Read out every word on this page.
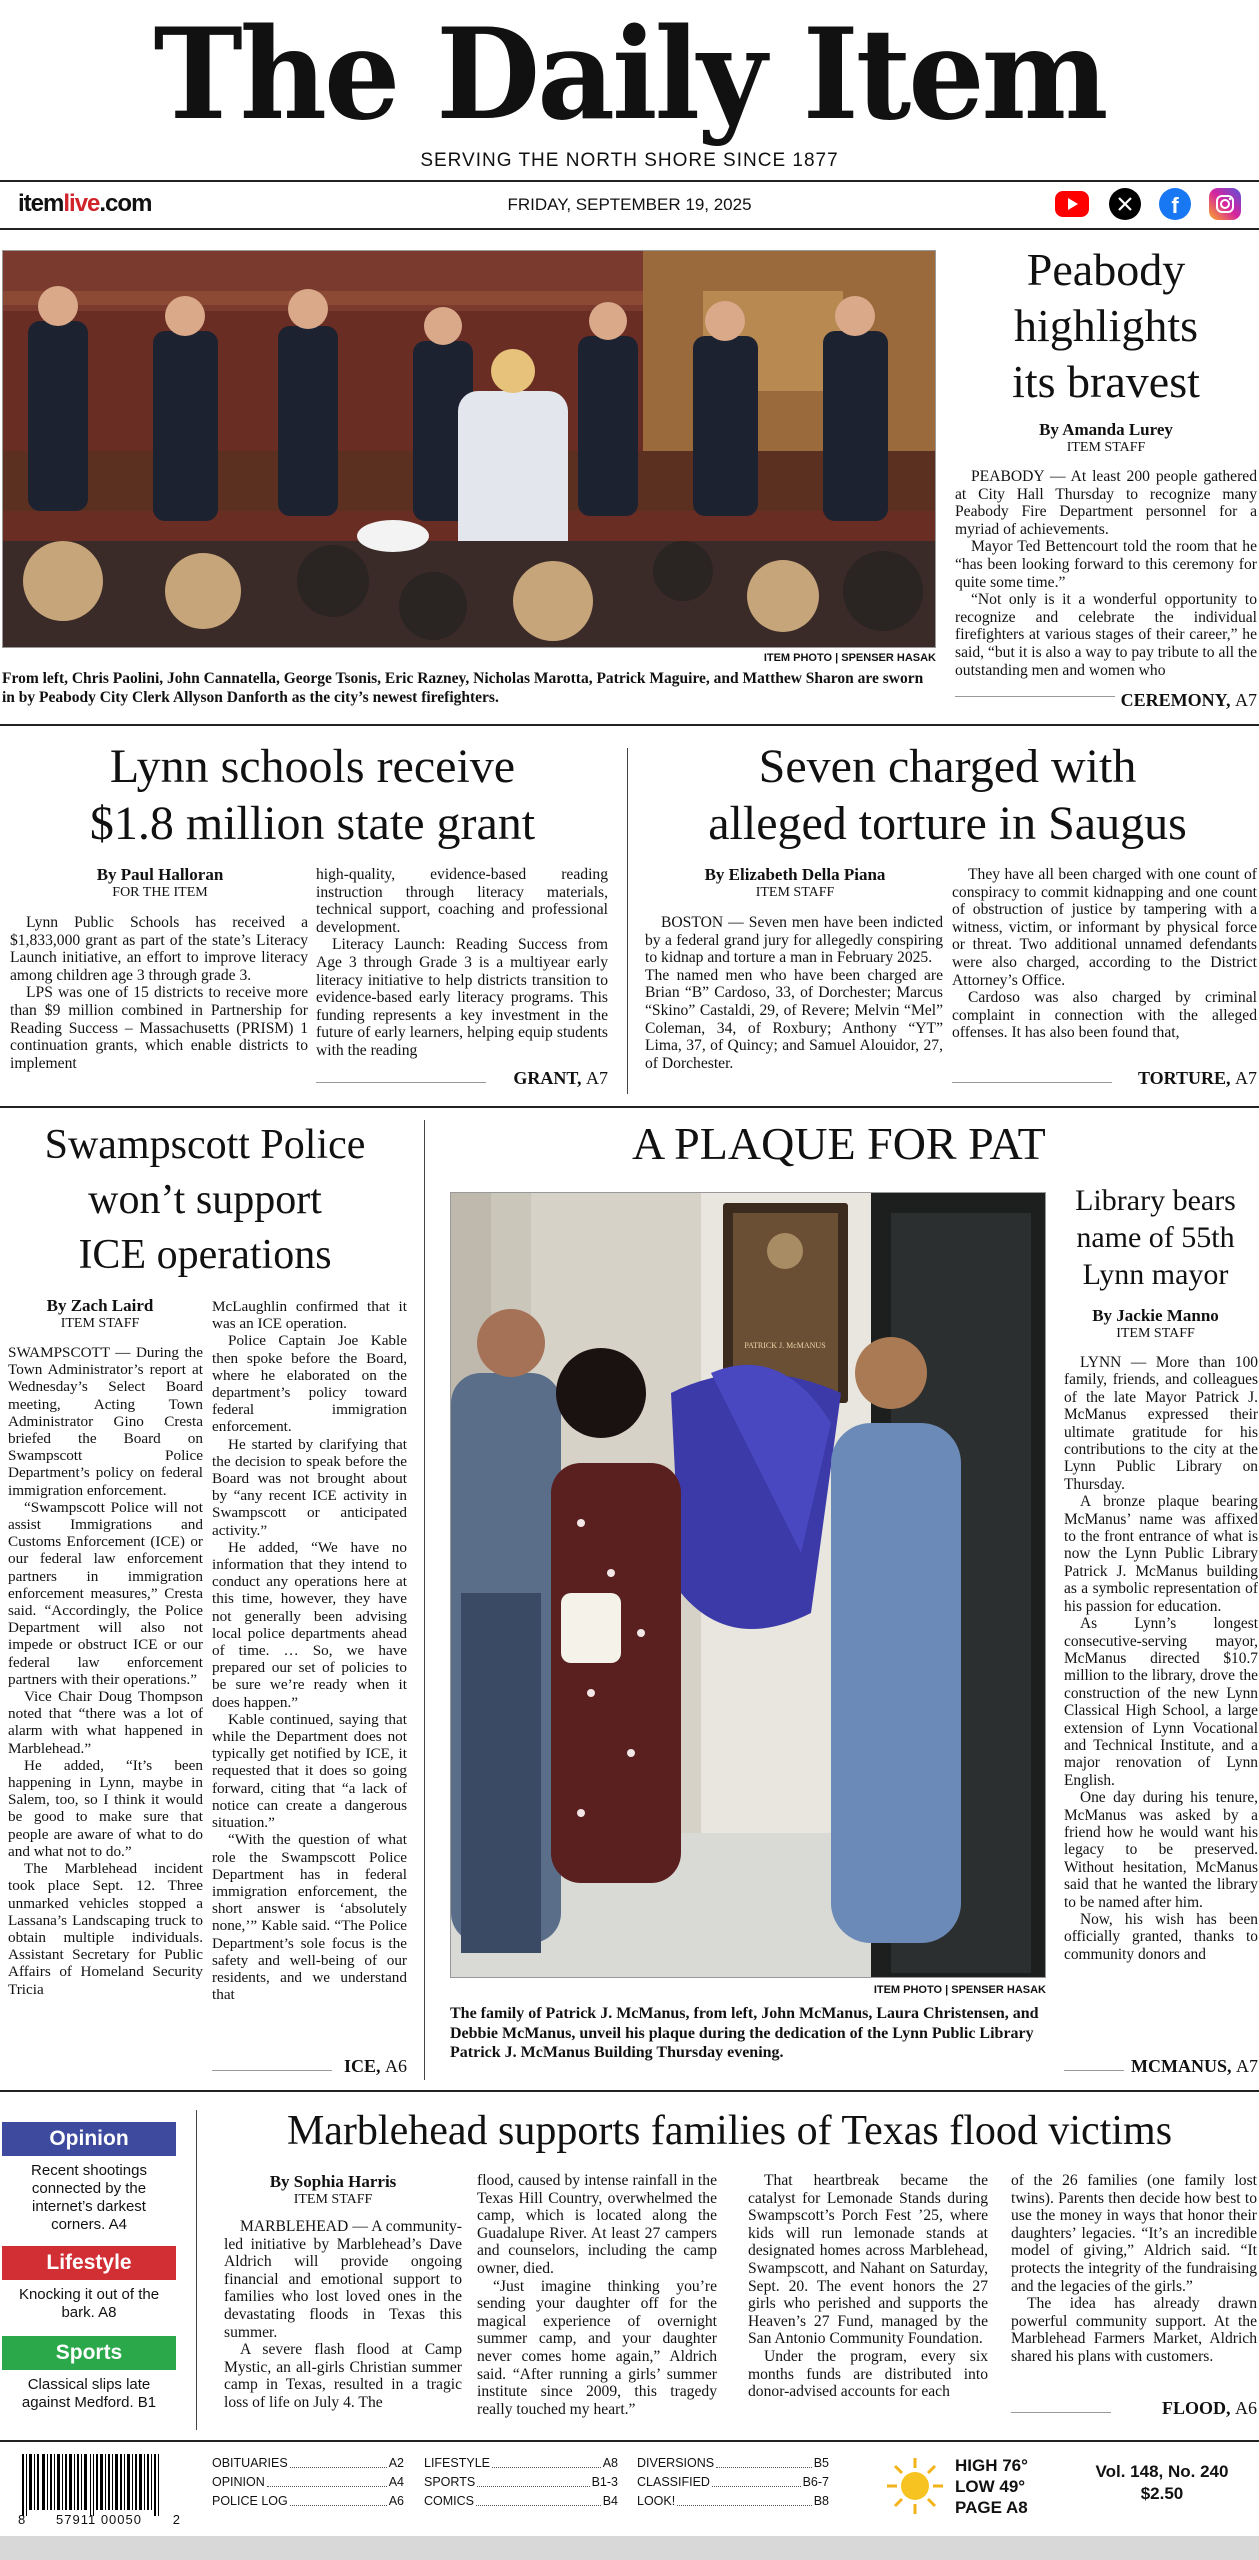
The Daily Item
SERVING THE NORTH SHORE SINCE 1877
itemlive.com	FRIDAY, SEPTEMBER 19, 2025	f
ITEM PHOTO | SPENSER HASAK
From left, Chris Paolini, John Cannatella, George Tsonis, Eric Razney, Nicholas Marotta, Patrick Maguire, and Matthew Sharon are sworn in by Peabody City Clerk Allyson Danforth as the city’s newest firefighters.
Peabody
highlights
its bravest
By Amanda Lurey
ITEM STAFF

PEABODY — At least 200 people gathered at City Hall Thursday to recognize many Peabody Fire Department personnel for a myriad of achievements.

Mayor Ted Bettencourt told the room that he “has been looking forward to this ceremony for quite some time.”

“Not only is it a wonderful opportunity to recognize and celebrate the individual firefighters at various stages of their career,” he said, “but it is also a way to pay tribute to all the outstanding men and women who

CEREMONY, A7
Lynn schools receive
$1.8 million state grant
By Paul Halloran
FOR THE ITEM

Lynn Public Schools has received a $1,833,000 grant as part of the state’s Literacy Launch initiative, an effort to improve literacy among children age 3 through grade 3.

LPS was one of 15 districts to receive more than $9 million combined in Partnership for Reading Success – Massachusetts (PRISM) 1 continuation grants, which enable districts to implement

high-quality, evidence-based reading instruction through literacy materials, technical support, coaching and professional development.

Literacy Launch: Reading Success from Age 3 through Grade 3 is a multiyear early literacy initiative to help districts transition to evidence-based early literacy programs. This funding represents a key investment in the future of early learners, helping equip students with the reading

GRANT, A7
Seven charged with
alleged torture in Saugus
By Elizabeth Della Piana
ITEM STAFF

BOSTON — Seven men have been indicted by a federal grand jury for allegedly conspiring to kidnap and torture a man in February 2025.

The named men who have been charged are Brian “B” Cardoso, 33, of Dorchester; Marcus “Skino” Castaldi, 29, of Revere; Melvin “Mel” Coleman, 34, of Roxbury; Anthony “YT” Lima, 37, of Quincy; and Samuel Alouidor, 27, of Dorchester.

They have all been charged with one count of conspiracy to commit kidnapping and one count of obstruction of justice by tampering with a witness, victim, or informant by physical force or threat. Two additional unnamed defendants were also charged, according to the District Attorney’s Office.

Cardoso was also charged by criminal complaint in connection with the alleged offenses. It has also been found that,

TORTURE, A7
Swampscott Police
won’t support
ICE operations
By Zach Laird
ITEM STAFF

SWAMPSCOTT — During the Town Administrator’s report at Wednesday’s Select Board meeting, Acting Town Administrator Gino Cresta briefed the Board on Swampscott Police Department’s policy on federal immigration enforcement.

“Swampscott Police will not assist Immigrations and Customs Enforcement (ICE) or our federal law enforcement partners in immigration enforcement measures,” Cresta said. “Accordingly, the Police Department will also not impede or obstruct ICE or our federal law enforcement partners with their operations.”

Vice Chair Doug Thompson noted that “there was a lot of alarm with what happened in Marblehead.”

He added, “It’s been happening in Lynn, maybe in Salem, too, so I think it would be good to make sure that people are aware of what to do and what not to do.”

The Marblehead incident took place Sept. 12. Three unmarked vehicles stopped a Lassana’s Landscaping truck to obtain multiple individuals. Assistant Secretary for Public Affairs of Homeland Security Tricia

McLaughlin confirmed that it was an ICE operation.

Police Captain Joe Kable then spoke before the Board, where he elaborated on the department’s policy toward federal immigration enforcement.

He started by clarifying that the decision to speak before the Board was not brought about by “any recent ICE activity in Swampscott or anticipated activity.”

He added, “We have no information that they intend to conduct any operations here at this time, however, they have not generally been advising local police departments ahead of time. … So, we have prepared our set of policies to be sure we’re ready when it does happen.”

Kable continued, saying that while the Department does not typically get notified by ICE, it requested that it does so going forward, citing that “a lack of notice can create a dangerous situation.”

“With the question of what role the Swampscott Police Department has in federal immigration enforcement, the short answer is ‘absolutely none,’” Kable said. “The Police Department’s sole focus is the safety and well-being of our residents, and we understand that

ICE, A6
A PLAQUE FOR PAT
PATRICK J. McMANUS
ITEM PHOTO | SPENSER HASAK
The family of Patrick J. McManus, from left, John McManus, Laura Christensen, and Debbie McManus, unveil his plaque during the dedication of the Lynn Public Library Patrick J. McManus Building Thursday evening.
Library bears
name of 55th
Lynn mayor
By Jackie Manno
ITEM STAFF

LYNN — More than 100 family, friends, and colleagues of the late Mayor Patrick J. McManus expressed their ultimate gratitude for his contributions to the city at the Lynn Public Library on Thursday.

A bronze plaque bearing McManus’ name was affixed to the front entrance of what is now the Lynn Public Library Patrick J. McManus building as a symbolic representation of his passion for education.

As Lynn’s longest consecutive-serving mayor, McManus directed $10.7 million to the library, drove the construction of the new Lynn Classical High School, a large extension of Lynn Vocational and Technical Institute, and a major renovation of Lynn English.

One day during his tenure, McManus was asked by a friend how he would want his legacy to be preserved. Without hesitation, McManus said that he wanted the library to be named after him.

Now, his wish has been officially granted, thanks to community donors and

MCMANUS, A7
Opinion
Recent shootings connected by the internet’s darkest corners. A4
Lifestyle
Knocking it out of the bark. A8
Sports
Classical slips late against Medford. B1
Marblehead supports families of Texas flood victims
By Sophia Harris
ITEM STAFF

MARBLEHEAD — A community-led initiative by Marblehead’s Dave Aldrich will provide ongoing financial and emotional support to families who lost loved ones in the devastating floods in Texas this summer.

A severe flash flood at Camp Mystic, an all-girls Christian summer camp in Texas, resulted in a tragic loss of life on July 4. The

flood, caused by intense rainfall in the Texas Hill Country, overwhelmed the camp, which is located along the Guadalupe River. At least 27 campers and counselors, including the camp owner, died.

“Just imagine thinking you’re sending your daughter off for the magical experience of overnight summer camp, and your daughter never comes home again,” Aldrich said. “After running a girls’ summer institute since 2009, this tragedy really touched my heart.”

That heartbreak became the catalyst for Lemonade Stands during Swampscott’s Porch Fest ’25, where kids will run lemonade stands at designated homes across Marblehead, Swampscott, and Nahant on Saturday, Sept. 20. The event honors the 27 girls who perished and supports the Heaven’s 27 Fund, managed by the San Antonio Community Foundation.

Under the program, every six months funds are distributed into donor-advised accounts for each

of the 26 families (one family lost twins). Parents then decide how best to use the money in ways that honor their daughters’ legacies. “It’s an incredible model of giving,” Aldrich said. “It protects the integrity of the fundraising and the legacies of the girls.”

The idea has already drawn powerful community support. At the Marblehead Farmers Market, Aldrich shared his plans with customers.

FLOOD, A6
8 57911 00050 2
OBITUARIES	A2
OPINION	A4
POLICE LOG	A6
LIFESTYLE	A8
SPORTS	B1-3
COMICS	B4
DIVERSIONS	B5
CLASSIFIED	B6-7
LOOK!	B8
HIGH 76°
LOW 49°
PAGE A8
Vol. 148, No. 240
$2.50
